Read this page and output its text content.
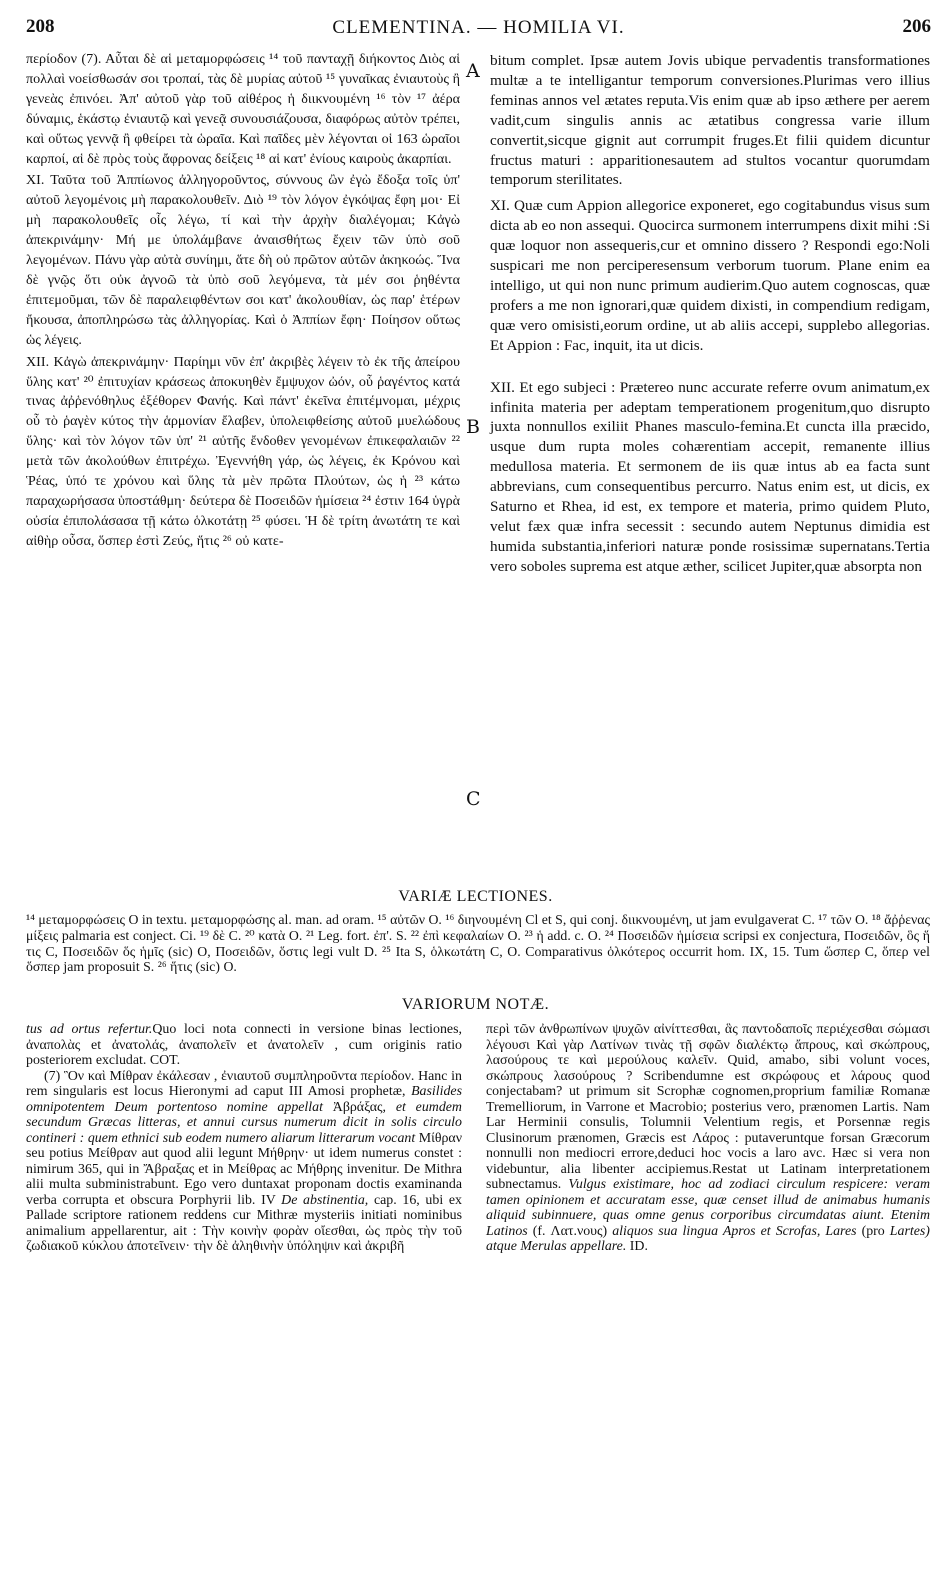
208	CLEMENTINA. — HOMILIA VI.	206

περίοδον (7). Αὗται δὲ αἱ μεταμορφώσεις ¹⁴ τοῦ πανταχῇ διήκοντος Διὸς αἱ πολλαὶ νοείσθωσάν σοι τροπαί, τὰς δὲ μυρίας αὐτοῦ ¹⁵ γυναῖκας ἐνιαυτοὺς ἢ γενεὰς ἐπινόει. Ἀπ' αὐτοῦ γὰρ τοῦ αἰθέρος ἡ διικνουμένη ¹⁶ τὸν ¹⁷ ἀέρα δύναμις, ἑκάστῳ ἐνιαυτῷ καὶ γενεᾷ συνουσιάζουσα, διαφόρως αὐτὸν τρέπει, καὶ οὕτως γεννᾷ ἢ φθείρει τὰ ὡραῖα. Καὶ παῖδες μὲν λέγονται οἱ 163 ὡραῖοι καρποί, αἱ δὲ πρὸς τοὺς ἄφρονας δείξεις ¹⁸ αἱ κατ' ἐνίους καιροὺς ἀκαρπίαι.

XI. Ταῦτα τοῦ Ἀππίωνος ἀλληγοροῦντος, σύννους ὢν ἐγὼ ἔδοξα τοῖς ὑπ' αὐτοῦ λεγομένοις μὴ παρακολουθεῖν. Διὸ ¹⁹ τὸν λόγον ἐγκόψας ἔφη μοι· Εἰ μὴ παρακολουθεῖς οἷς λέγω, τί καὶ τὴν ἀρχὴν διαλέγομαι; Κἀγὼ ἀπεκρινάμην· Μή με ὑπολάμβανε ἀναισθήτως ἔχειν τῶν ὑπὸ σοῦ λεγομένων. Πάνυ γὰρ αὐτὰ συνίημι, ἅτε δὴ οὐ πρῶτον αὐτῶν ἀκηκοώς. Ἵνα δὲ γνῷς ὅτι οὐκ ἀγνοῶ τὰ ὑπὸ σοῦ λεγόμενα, τὰ μέν σοι ῥηθέντα ἐπιτεμοῦμαι, τῶν δὲ παραλειφθέντων σοι κατ' ἀκολουθίαν, ὡς παρ' ἑτέρων ἤκουσα, ἀποπληρώσω τὰς ἀλληγορίας. Καὶ ὁ Ἀππίων ἔφη· Ποίησον οὕτως ὡς λέγεις.

XII. Κἀγὼ ἀπεκρινάμην· Παρίημι νῦν ἐπ' ἀκριβὲς λέγειν τὸ ἐκ τῆς ἀπείρου ὕλης κατ' ²⁰ ἐπιτυχίαν κράσεως ἀποκυηθὲν ἔμψυχον ὠόν, οὗ ῥαγέντος κατά τινας ἀῤῥενόθηλυς ἐξέθορεν Φανής. Καὶ πάντ' ἐκεῖνα ἐπιτέμνομαι, μέχρις οὗ τὸ ῥαγὲν κύτος τὴν ἁρμονίαν ἔλαβεν, ὑπολειφθείσης αὐτοῦ μυελώδους ὕλης· καὶ τὸν λόγον τῶν ὑπ' ²¹ αὐτῆς ἔνδοθεν γενομένων ἐπικεφαλαιῶν ²² μετὰ τῶν ἀκολούθων ἐπιτρέχω. Ἐγεννήθη γάρ, ὡς λέγεις, ἐκ Κρόνου καὶ Ῥέας, ὑπό τε χρόνου καὶ ὕλης τὰ μὲν πρῶτα Πλούτων, ὡς ἡ ²³ κάτω παραχωρήσασα ὑποστάθμη· δεύτερα δὲ Ποσειδῶν ἡμίσεια ²⁴ ἐστιν 164 ὑγρὰ οὐσία ἐπιπολάσασα τῇ κάτω ὁλκοτάτῃ ²⁵ φύσει. Ἡ δὲ τρίτη ἀνωτάτη τε καὶ αἰθὴρ οὖσα, ὅσπερ ἐστὶ Ζεύς, ἥτις ²⁶ οὐ κατε-

A
B
C

bitum complet. Ipsæ autem Jovis ubique pervadentis transformationes multæ a te intelligantur temporum conversiones.Plurimas vero illius feminas annos vel ætates reputa.Vis enim quæ ab ipso æthere per aerem vadit,cum singulis annis ac ætatibus congressa varie illum convertit,sicque gignit aut corrumpit fruges.Et filii quidem dicuntur fructus maturi : apparitionesautem ad stultos vocantur quorumdam temporum sterilitates.

XI. Quæ cum Appion allegorice exponeret, ego cogitabundus visus sum dicta ab eo non assequi. Quocirca surmonem interrumpens dixit mihi :Si quæ loquor non assequeris,cur et omnino dissero ? Respondi ego:Noli suspicari me non perciperesensum verborum tuorum. Plane enim ea intelligo, ut qui non nunc primum audierim.Quo autem cognoscas, quæ profers a me non ignorari,quæ quidem dixisti, in compendium redigam, quæ vero omisisti,eorum ordine, ut ab aliis accepi, supplebo allegorias. Et Appion : Fac, inquit, ita ut dicis.

XII. Et ego subjeci : Prætereo nunc accurate referre ovum animatum,ex infinita materia per adeptam temperationem progenitum,quo disrupto juxta nonnullos exiliit Phanes masculo-femina.Et cuncta illa præcido, usque dum rupta moles cohærentiam accepit, remanente illius medullosa materia. Et sermonem de iis quæ intus ab ea facta sunt abbrevians, cum consequentibus percurro. Natus enim est, ut dicis, ex Saturno et Rhea, id est, ex tempore et materia, primo quidem Pluto, velut fæx quæ infra secessit : secundo autem Neptunus dimidia est humida substantia,inferiori naturæ ponde rosissimæ supernatans.Tertia vero soboles suprema est atque æther, scilicet Jupiter,quæ absorpta non

VARIÆ LECTIONES.

¹⁴ μεταμορφώσεις O in textu. μεταμορφώσης al. man. ad oram. ¹⁵ αὐτῶν O. ¹⁶ διηνουμένη Cl et S, qui conj. διικνουμένη, ut jam evulgaverat C. ¹⁷ τῶν O. ¹⁸ ἄῤῥενας μίξεις palmaria est conject. Ci. ¹⁹ δὲ C. ²⁰ κατὰ O. ²¹ Leg. fort. ἐπ'. S. ²² ἐπὶ κεφαλαίων O. ²³ ἡ add. c. O. ²⁴ Ποσειδῶν ἡμίσεια scripsi ex conjectura, Ποσειδῶν, ὃς ἥ τις C, Ποσειδῶν ὅς ἡμῖς (sic) O, Ποσειδῶν, ὅστις legi vult D. ²⁵ Ita S, ὁλκωτάτη C, O. Comparativus ὁλκότερος occurrit hom. IX, 15. Tum ὥσπερ C, ὅπερ vel ὅσπερ jam proposuit S. ²⁶ ἥτις (sic) O.

VARIORUM NOTÆ.

tus ad ortus refertur.Quo loci nota connecti in versione binas lectiones, ἀναπολὰς et ἀνατολάς, ἀναπολεῖν et ἀνατολεῖν , cum originis ratio posteriorem excludat. COT.

(7) Ὃν καὶ Μίθραν ἐκάλεσαν , ἐνιαυτοῦ συμπληροῦντα περίοδον. Hanc in rem singularis est locus Hieronymi ad caput III Amosi prophetæ, Basilides omnipotentem Deum portentoso nomine appellat Ἀβράξας, et eumdem secundum Græcas litteras, et annui cursus numerum dicit in solis circulo contineri : quem ethnici sub eodem numero aliarum litterarum vocant Μίθραν seu potius Μείθραν aut quod alii legunt Μήθρην· ut idem numerus constet : nimirum 365, qui in Ἄβραξας et in Μείθρας ac Μήθρης invenitur. De Mithra alii multa subministrabunt. Ego vero duntaxat proponam doctis examinanda verba corrupta et obscura Porphyrii lib. IV De abstinentia, cap. 16, ubi ex Pallade scriptore rationem reddens cur Mithræ mysteriis initiati nominibus animalium appellarentur, ait : Τὴν κοινὴν φορὰν οἴεσθαι, ὡς πρὸς τὴν τοῦ ζωδιακοῦ κύκλου ἀποτεῖνειν· τὴν δὲ ἀληθινὴν ὑπόληψιν καὶ ἀκριβῆ

περὶ τῶν ἀνθρωπίνων ψυχῶν αἰνίττεσθαι, ἃς παντοδαποῖς περιέχεσθαι σώμασι λέγουσι Καὶ γὰρ Λατίνων τινὰς τῇ σφῶν διαλέκτῳ ἄπρους, καὶ σκώπρους, λασούρους τε καὶ μερούλους καλεῖν. Quid, amabo, sibi volunt voces, σκώπρους λασούρους ? Scribendumne est σκρώφους et λάρους quod conjectabam? ut primum sit Scrophæ cognomen,proprium familiæ Romanæ Tremelliorum, in Varrone et Macrobio; posterius vero, prænomen Lartis. Nam Lar Herminii consulis, Tolumnii Velentium regis, et Porsennæ regis Clusinorum prænomen, Græcis est Λάρος : putaveruntque forsan Græcorum nonnulli non mediocri errore,deduci hoc vocis a laro avc. Hæc si vera non videbuntur, alia libenter accipiemus.Restat ut Latinam interpretationem subnectamus. Vulgus existimare, hoc ad zodiaci circulum respicere: veram tamen opinionem et accuratam esse, quæ censet illud de animabus humanis aliquid subinnuere, quas omne genus corporibus circumdatas aiunt. Etenim Latinos (f. Λατ.νους) aliquos sua lingua Apros et Scrofas, Lares (pro Lartes) atque Merulas appellare. ID.
